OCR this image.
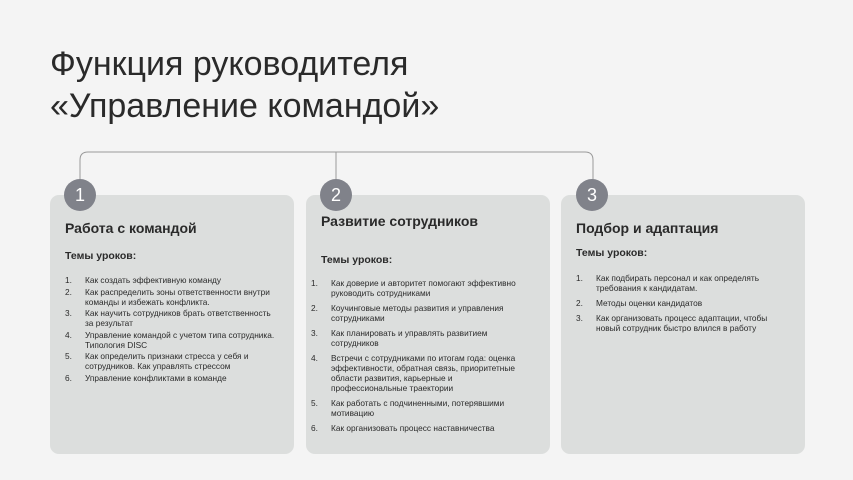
Функция руководителя
«Управление командой»
Работа с командой
Темы уроков:
1.	Как создать эффективную команду
2.	Как распределить зоны ответственности внутри команды и избежать конфликта.
3.	Как научить сотрудников брать ответственность за результат
4.	Управление командой с учетом типа сотрудника. Типология DISC
5.	Как определить признаки стресса у себя и сотрудников. Как управлять стрессом
6.	Управление конфликтами в команде
1
Развитие сотрудников
Темы уроков:
1.	Как доверие и авторитет помогают эффективно руководить сотрудниками
2.	Коучинговые методы развития и управления сотрудниками
3.	Как планировать и управлять развитием сотрудников
4.	Встречи с сотрудниками по итогам года: оценка эффективности, обратная связь, приоритетные области развития, карьерные и профессиональные траектории
5.	Как работать с подчиненными, потерявшими мотивацию
6.	Как организовать процесс наставничества
2
Подбор и адаптация
Темы уроков:
1.	Как подбирать персонал и как определять требования к кандидатам.
2.	Методы оценки кандидатов
3.	Как организовать процесс адаптации, чтобы новый сотрудник быстро влился в работу
3
